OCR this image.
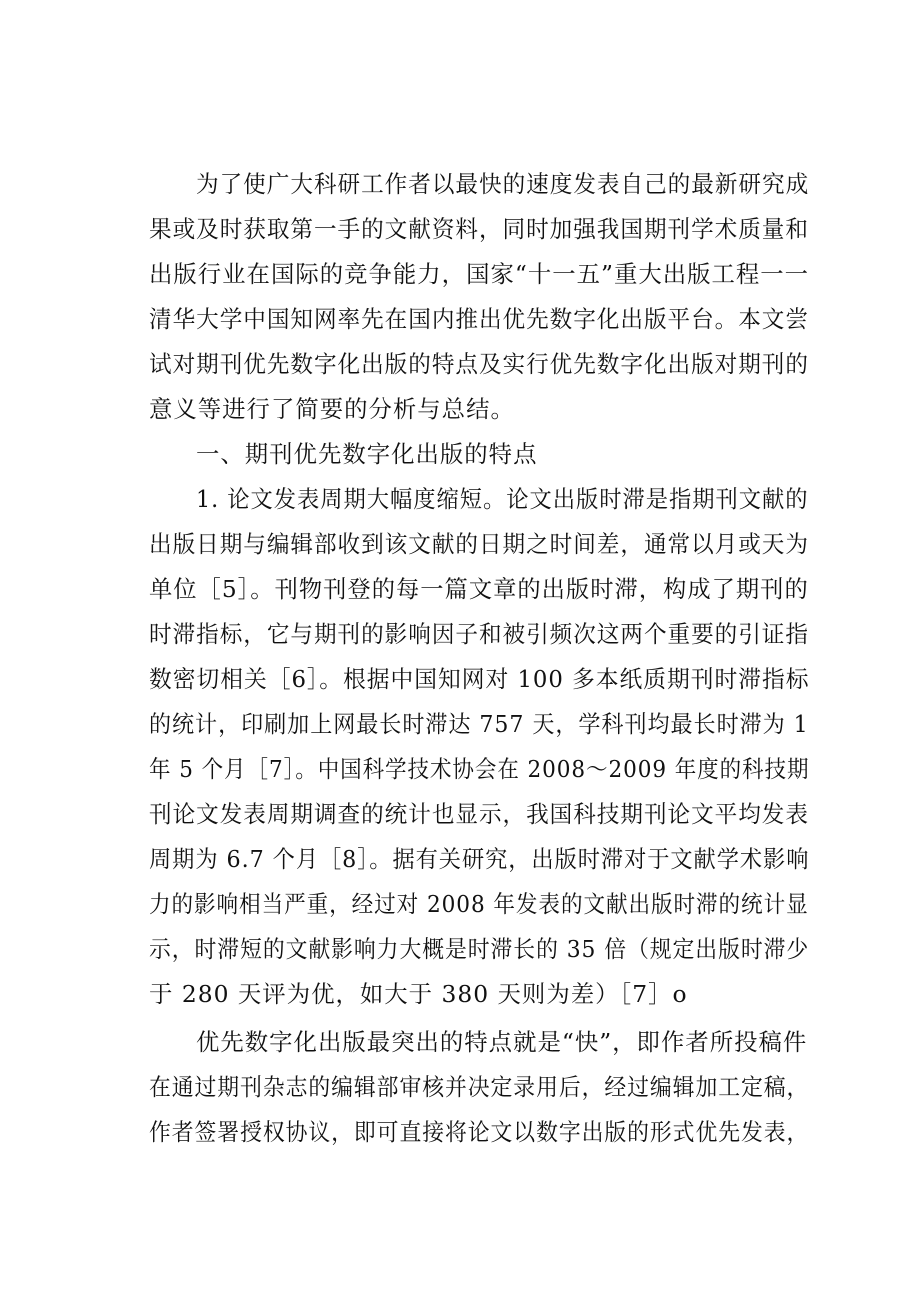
为了使广大科研工作者以最快的速度发表自己的最新研究成
果或及时获取第一手的文献资料，同时加强我国期刊学术质量和
出版行业在国际的竞争能力，国家“十一五”重大出版工程一一
清华大学中国知网率先在国内推出优先数字化出版平台。本文尝
试对期刊优先数字化出版的特点及实行优先数字化出版对期刊的
意义等进行了简要的分析与总结。
一、期刊优先数字化出版的特点
1. 论文发表周期大幅度缩短。论文出版时滞是指期刊文献的
出版日期与编辑部收到该文献的日期之时间差，通常以月或天为
单位［5］。刊物刊登的每一篇文章的出版时滞，构成了期刊的
时滞指标，它与期刊的影响因子和被引频次这两个重要的引证指
数密切相关［6］。根据中国知网对 100 多本纸质期刊时滞指标
的统计，印刷加上网最长时滞达 757 天，学科刊均最长时滞为 1
年 5 个月［7］。中国科学技术协会在 2008～2009 年度的科技期
刊论文发表周期调查的统计也显示，我国科技期刊论文平均发表
周期为 6.7 个月［8］。据有关研究，出版时滞对于文献学术影响
力的影响相当严重，经过对 2008 年发表的文献出版时滞的统计显
示，时滞短的文献影响力大概是时滞长的 35 倍（规定出版时滞少
于 280 天评为优，如大于 380 天则为差）［7］o
优先数字化出版最突出的特点就是“快”，即作者所投稿件
在通过期刊杂志的编辑部审核并决定录用后，经过编辑加工定稿，
作者签署授权协议，即可直接将论文以数字出版的形式优先发表，
